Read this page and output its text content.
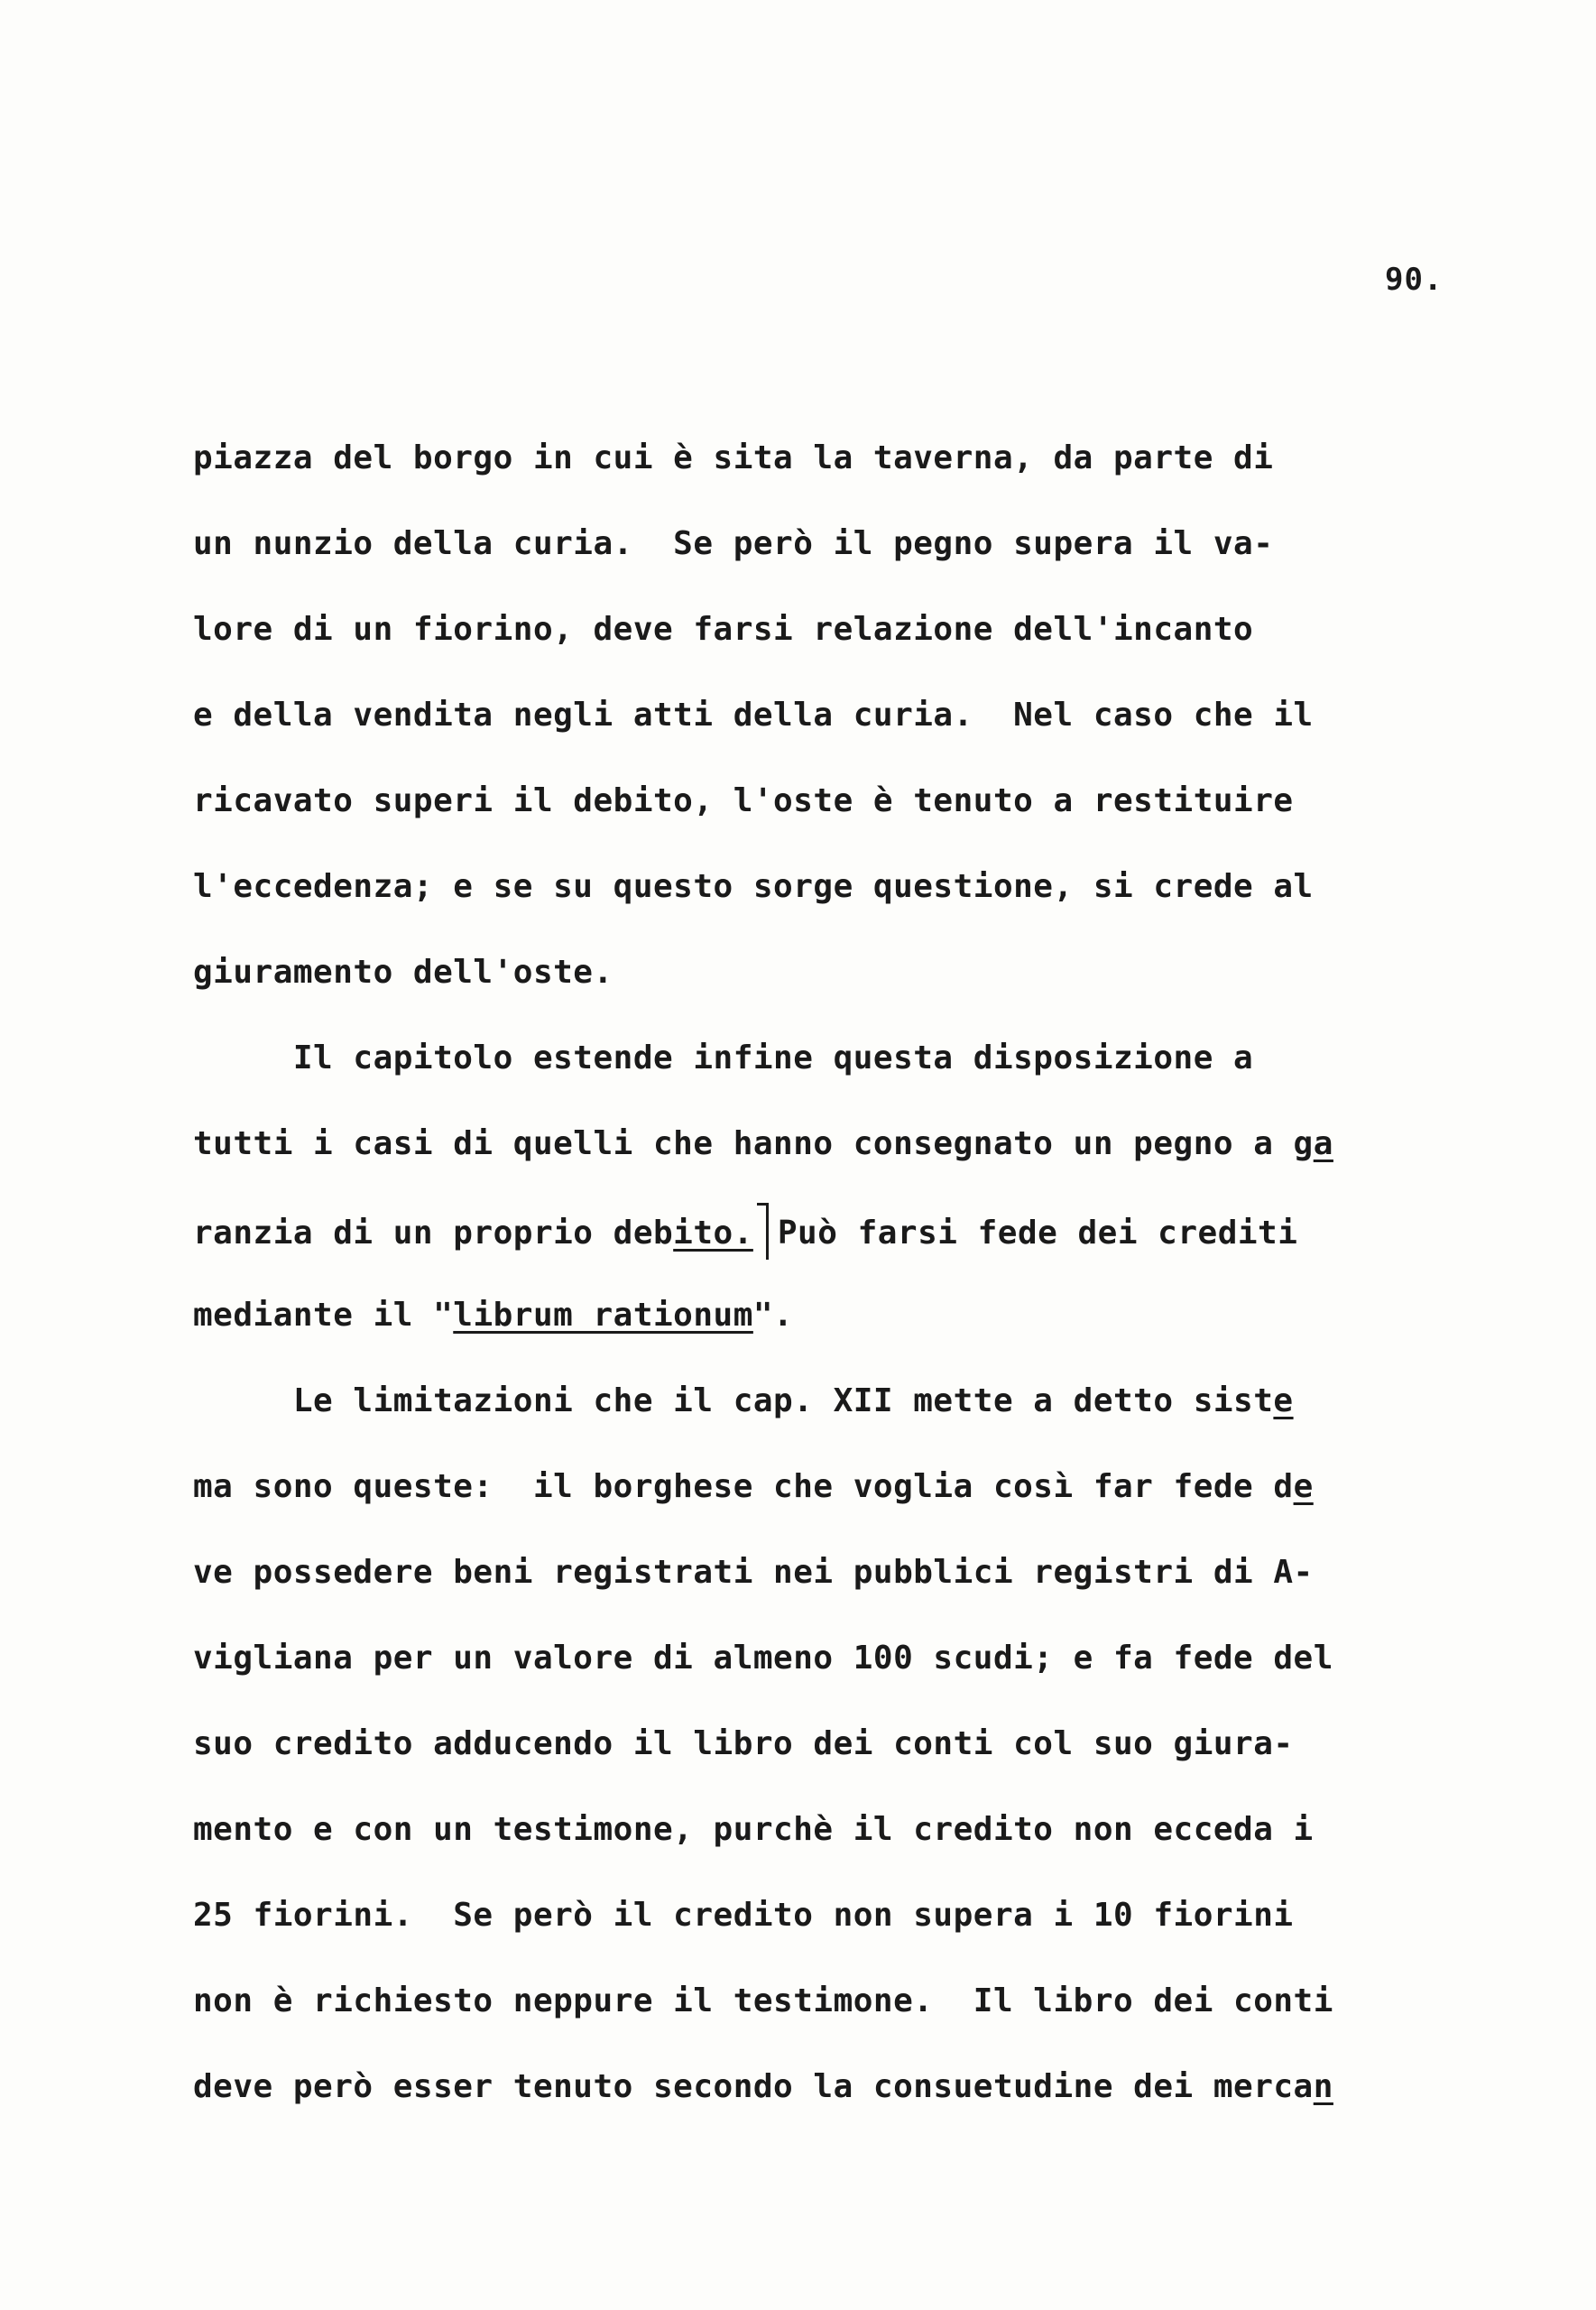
90.
piazza del borgo in cui è sita la taverna, da parte di
un nunzio della curia.  Se però il pegno supera il va-
lore di un fiorino, deve farsi relazione dell'incanto
e della vendita negli atti della curia.  Nel caso che il
ricavato superi il debito, l'oste è tenuto a restituire
l'eccedenza; e se su questo sorge questione, si crede al
giuramento dell'oste.
Il capitolo estende infine questa disposizione a
tutti i casi di quelli che hanno consegnato un pegno a ga
ranzia di un proprio debito. Può farsi fede dei crediti
mediante il "librum rationum".
Le limitazioni che il cap. XII mette a detto siste
ma sono queste:  il borghese che voglia così far fede de
ve possedere beni registrati nei pubblici registri di A-
vigliana per un valore di almeno 100 scudi; e fa fede del
suo credito adducendo il libro dei conti col suo giura-
mento e con un testimone, purchè il credito non ecceda i
25 fiorini.  Se però il credito non supera i 10 fiorini
non è richiesto neppure il testimone.  Il libro dei conti
deve però esser tenuto secondo la consuetudine dei mercan
